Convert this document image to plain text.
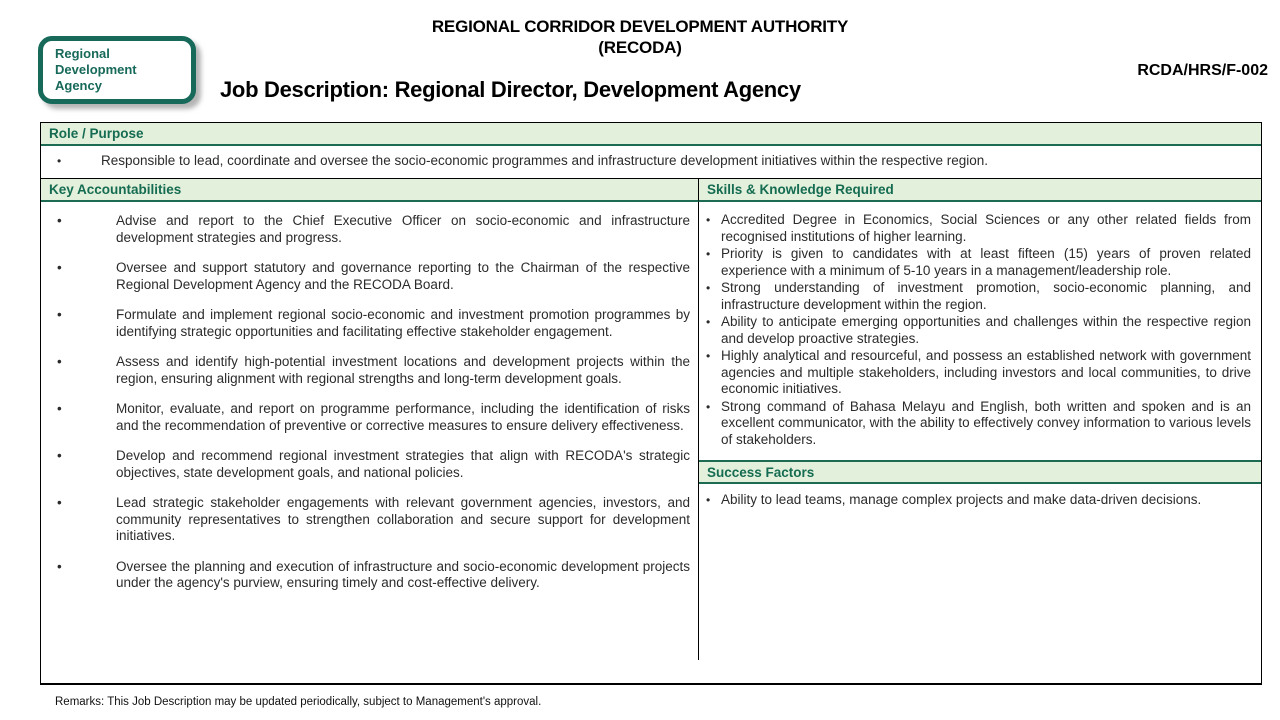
REGIONAL CORRIDOR DEVELOPMENT AUTHORITY
(RECODA)
Regional Development Agency
RCDA/HRS/F-002
Job Description: Regional Director, Development Agency
Role / Purpose
• Responsible to lead, coordinate and oversee the socio-economic programmes and infrastructure development initiatives within the respective region.
Key Accountabilities	Skills & Knowledge Required
• Advise and report to the Chief Executive Officer on socio-economic and infrastructure development strategies and progress.
• Oversee and support statutory and governance reporting to the Chairman of the respective Regional Development Agency and the RECODA Board.
• Formulate and implement regional socio-economic and investment promotion programmes by identifying strategic opportunities and facilitating effective stakeholder engagement.
• Assess and identify high-potential investment locations and development projects within the region, ensuring alignment with regional strengths and long-term development goals.
• Monitor, evaluate, and report on programme performance, including the identification of risks and the recommendation of preventive or corrective measures to ensure delivery effectiveness.
• Develop and recommend regional investment strategies that align with RECODA's strategic objectives, state development goals, and national policies.
• Lead strategic stakeholder engagements with relevant government agencies, investors, and community representatives to strengthen collaboration and secure support for development initiatives.
• Oversee the planning and execution of infrastructure and socio-economic development projects under the agency's purview, ensuring timely and cost-effective delivery.
• Accredited Degree in Economics, Social Sciences or any other related fields from recognised institutions of higher learning.
• Priority is given to candidates with at least fifteen (15) years of proven related experience with a minimum of 5-10 years in a management/leadership role.
• Strong understanding of investment promotion, socio-economic planning, and infrastructure development within the region.
• Ability to anticipate emerging opportunities and challenges within the respective region and develop proactive strategies.
• Highly analytical and resourceful, and possess an established network with government agencies and multiple stakeholders, including investors and local communities, to drive economic initiatives.
• Strong command of Bahasa Melayu and English, both written and spoken and is an excellent communicator, with the ability to effectively convey information to various levels of stakeholders.
Success Factors
• Ability to lead teams, manage complex projects and make data-driven decisions.
Remarks: This Job Description may be updated periodically, subject to Management's approval.
